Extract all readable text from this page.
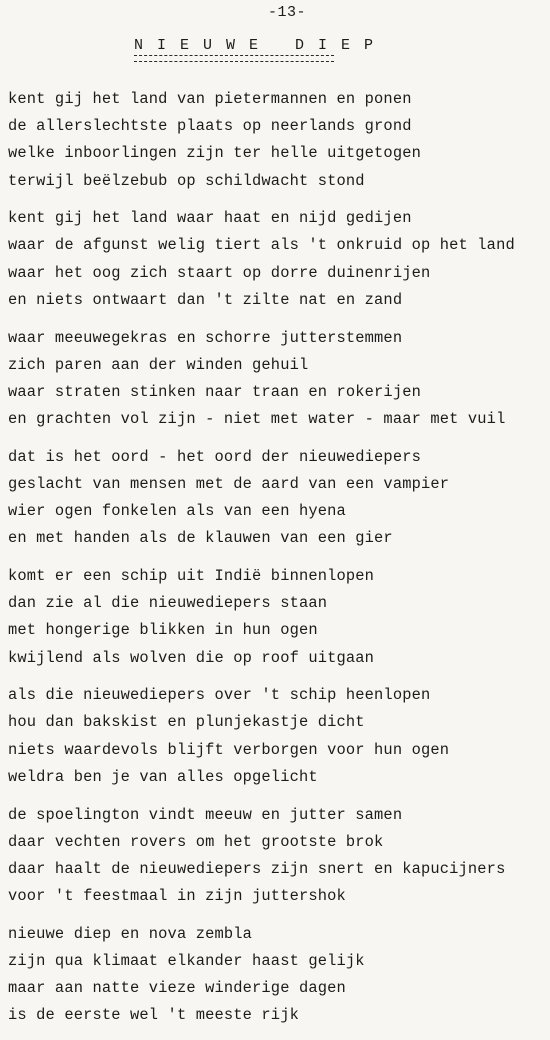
-13-
N I E U W E   D I E P
kent gij het land van pietermannen en ponen
de allerslechtste plaats op neerlands grond
welke inboorlingen zijn ter helle uitgetogen
terwijl beëlzebub op schildwacht stond
kent gij het land waar haat en nijd gedijen
waar de afgunst welig tiert als 't onkruid op het land
waar het oog zich staart op dorre duinenrijen
en niets ontwaart dan 't zilte nat en zand
waar meeuwegekras en schorre jutterstemmen
zich paren aan der winden gehuil
waar straten stinken naar traan en rokerijen
en grachten vol zijn - niet met water - maar met vuil
dat is het oord - het oord der nieuwediepers
geslacht van mensen met de aard van een vampier
wier ogen fonkelen als van een hyena
en met handen als de klauwen van een gier
komt er een schip uit Indië binnenlopen
dan zie al die nieuwediepers staan
met hongerige blikken in hun ogen
kwijlend als wolven die op roof uitgaan
als die nieuwediepers over 't schip heenlopen
hou dan bakskist en plunjekastje dicht
niets waardevols blijft verborgen voor hun ogen
weldra ben je van alles opgelicht
de spoelington vindt meeuw en jutter samen
daar vechten rovers om het grootste brok
daar haalt de nieuwediepers zijn snert en kapucijners
voor 't feestmaal in zijn juttershok
nieuwe diep en nova zembla
zijn qua klimaat elkander haast gelijk
maar aan natte vieze winderige dagen
is de eerste wel 't meeste rijk
